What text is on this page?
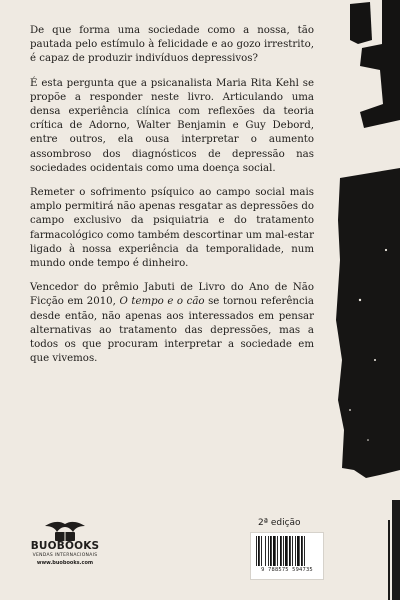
De que forma uma sociedade como a nossa, tão pautada pelo estímulo à felicidade e ao gozo irrestrito, é capaz de produzir indivíduos depressivos?

É esta pergunta que a psicanalista Maria Rita Kehl se propõe a responder neste livro. Articulando uma densa experiência clínica com reflexões da teoria crítica de Adorno, Walter Benjamin e Guy Debord, entre outros, ela ousa interpretar o aumento assombroso dos diagnósticos de depressão nas sociedades ocidentais como uma doença social.

Remeter o sofrimento psíquico ao campo social mais amplo permitirá não apenas resgatar as depressões do campo exclusivo da psiquiatria e do tratamento farmacológico como também descortinar um mal-estar ligado à nossa experiência da temporalidade, num mundo onde tempo é dinheiro.

Vencedor do prêmio Jabuti de Livro do Ano de Não Ficção em 2010, O tempo e o cão se tornou referência desde então, não apenas aos interessados em pensar alternativas ao tratamento das depressões, mas a todos os que procuram interpretar a sociedade em que vivemos.

2ª edição
BUOBOOKS
VENDAS INTERNACIONAIS
www.buobooks.com
9 788575 594735
